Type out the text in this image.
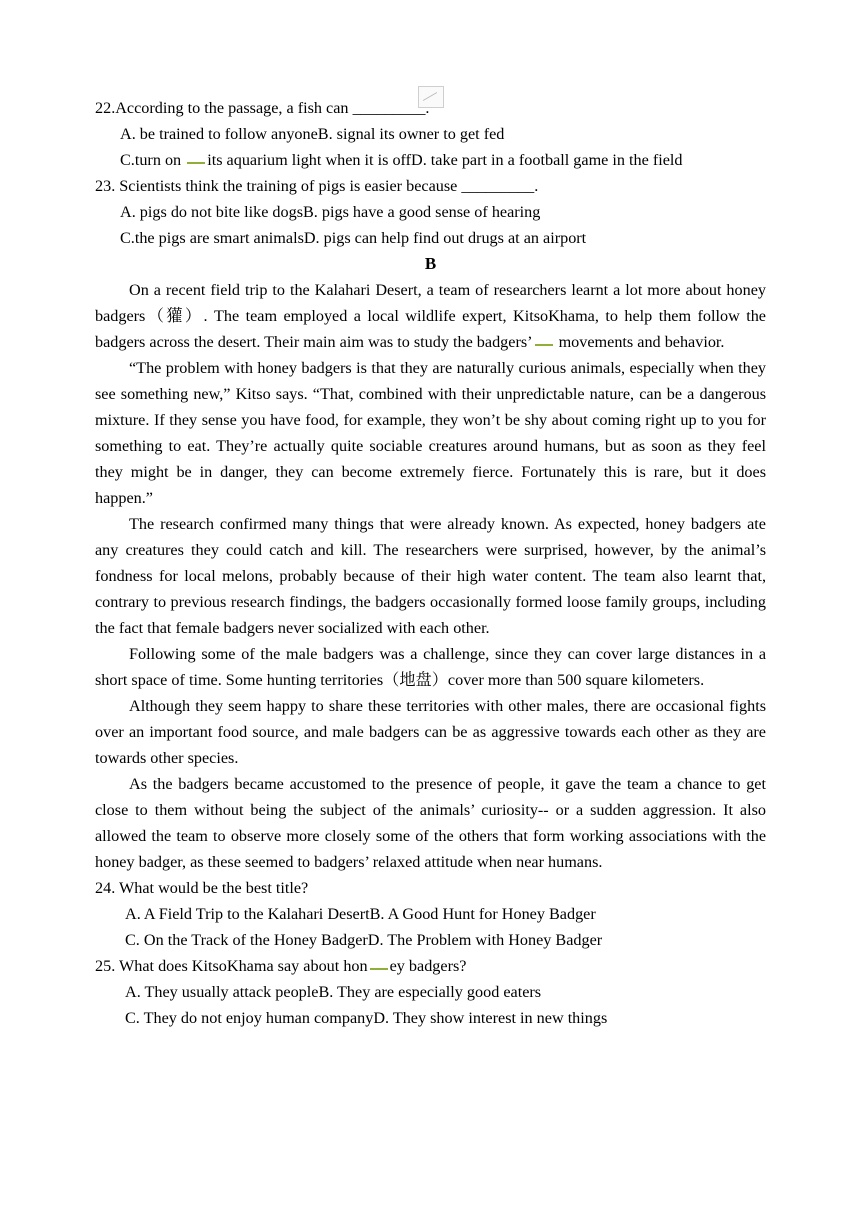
22.According to the passage, a fish can _________.
A. be trained to follow anyoneB. signal its owner to get fed
C.turn on its aquarium light when it is offD. take part in a football game in the field
23. Scientists think the training of pigs is easier because _________.
A. pigs do not bite like dogsB. pigs have a good sense of hearing
C.the pigs are smart animalsD. pigs can help find out drugs at an airport
B

On a recent field trip to the Kalahari Desert, a team of researchers learnt a lot more about honey badgers（獾）. The team employed a local wildlife expert, KitsoKhama, to help them follow the badgers across the desert. Their main aim was to study the badgers’ movements and behavior.

“The problem with honey badgers is that they are naturally curious animals, especially when they see something new,” Kitso says. “That, combined with their unpredictable nature, can be a dangerous mixture. If they sense you have food, for example, they won’t be shy about coming right up to you for something to eat. They’re actually quite sociable creatures around humans, but as soon as they feel they might be in danger, they can become extremely fierce. Fortunately this is rare, but it does happen.”

The research confirmed many things that were already known. As expected, honey badgers ate any creatures they could catch and kill. The researchers were surprised, however, by the animal’s fondness for local melons, probably because of their high water content. The team also learnt that, contrary to previous research findings, the badgers occasionally formed loose family groups, including the fact that female badgers never socialized with each other.

Following some of the male badgers was a challenge, since they can cover large distances in a short space of time. Some hunting territories（地盘）cover more than 500 square kilometers.

Although they seem happy to share these territories with other males, there are occasional fights over an important food source, and male badgers can be as aggressive towards each other as they are towards other species.

As the badgers became accustomed to the presence of people, it gave the team a chance to get close to them without being the subject of the animals’ curiosity-- or a sudden aggression. It also allowed the team to observe more closely some of the others that form working associations with the honey badger, as these seemed to badgers’ relaxed attitude when near humans.

24. What would be the best title?
A. A Field Trip to the Kalahari DesertB. A Good Hunt for Honey Badger
C. On the Track of the Honey BadgerD. The Problem with Honey Badger
25. What does KitsoKhama say about hon ey badgers?
A. They usually attack peopleB. They are especially good eaters
C. They do not enjoy human companyD. They show interest in new things
